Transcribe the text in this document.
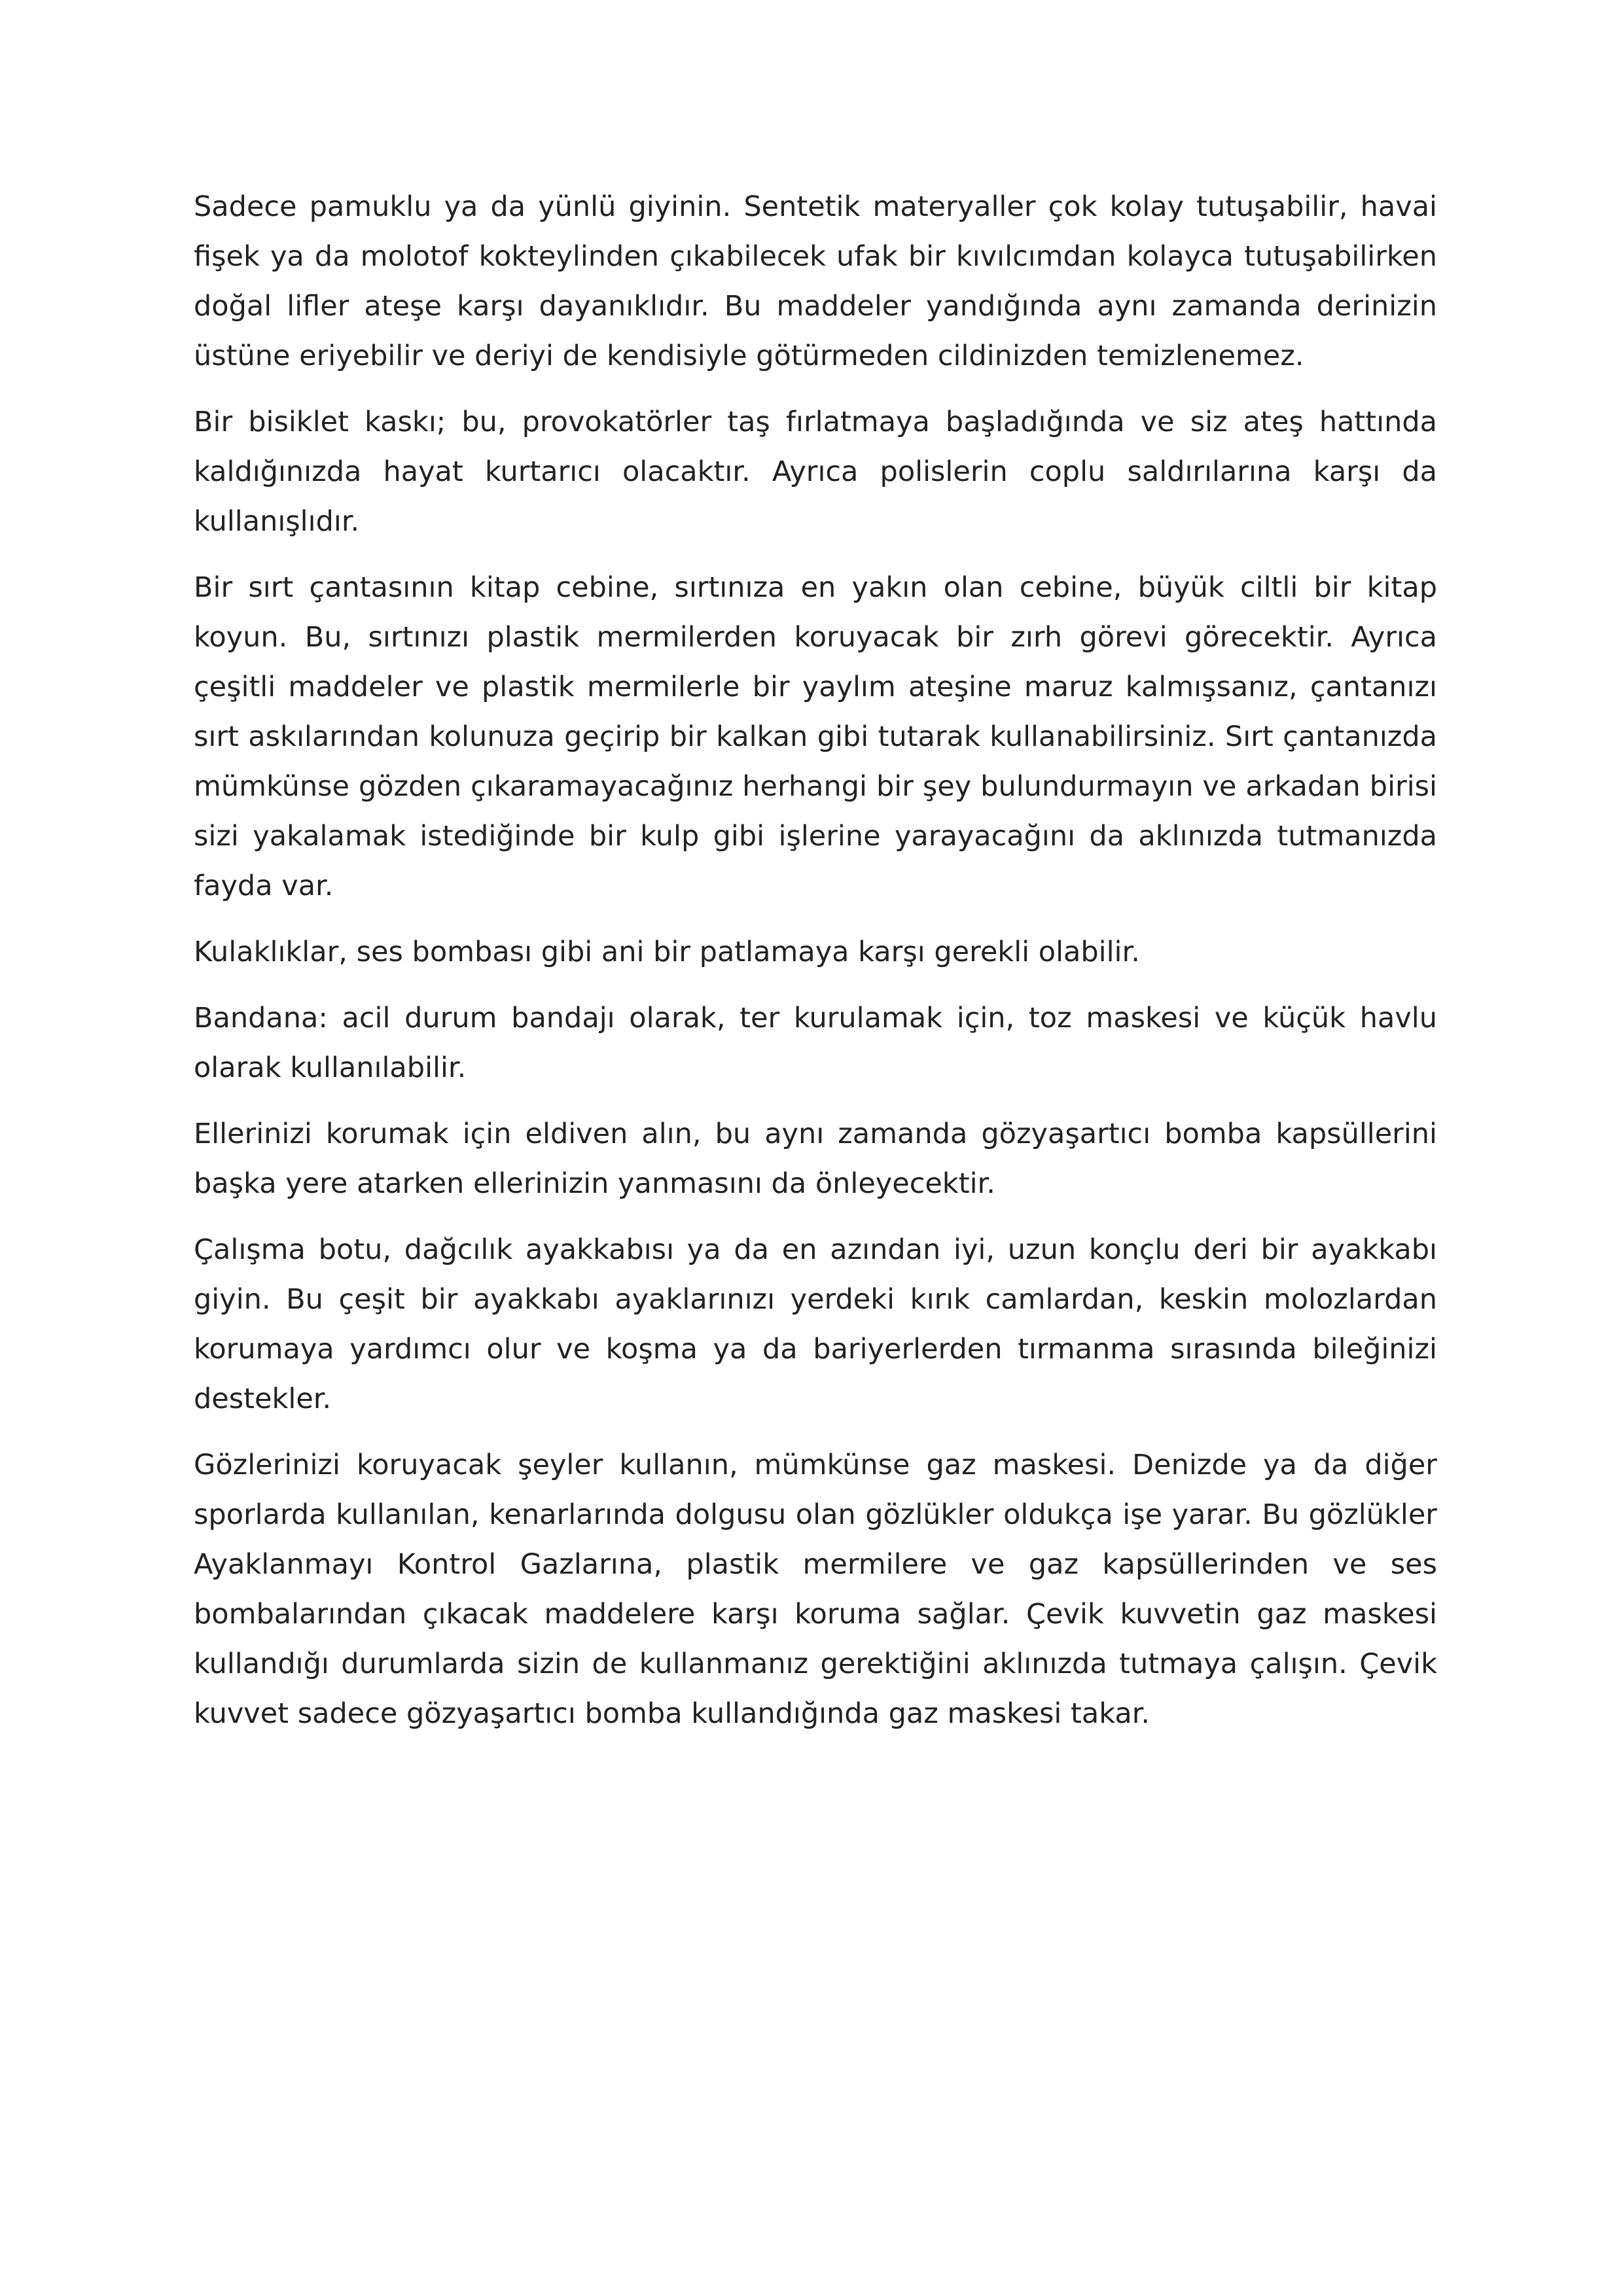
Sadece pamuklu ya da yünlü giyinin. Sentetik materyaller çok kolay tutuşabilir, havai fişek ya da molotof kokteylinden çıkabilecek ufak bir kıvılcımdan kolayca tutuşabilirken doğal lifler ateşe karşı dayanıklıdır. Bu maddeler yandığında aynı zamanda derinizin üstüne eriyebilir ve deriyi de kendisiyle götürmeden cildinizden temizlenemez.

Bir bisiklet kaskı; bu, provokatörler taş fırlatmaya başladığında ve siz ateş hattında kaldığınızda hayat kurtarıcı olacaktır. Ayrıca polislerin coplu saldırılarına karşı da kullanışlıdır.

Bir sırt çantasının kitap cebine, sırtınıza en yakın olan cebine, büyük ciltli bir kitap koyun. Bu, sırtınızı plastik mermilerden koruyacak bir zırh görevi görecektir. Ayrıca çeşitli maddeler ve plastik mermilerle bir yaylım ateşine maruz kalmışsanız, çantanızı sırt askılarından kolunuza geçirip bir kalkan gibi tutarak kullanabilirsiniz. Sırt çantanızda mümkünse gözden çıkaramayacağınız herhangi bir şey bulundurmayın ve arkadan birisi sizi yakalamak istediğinde bir kulp gibi işlerine yarayacağını da aklınızda tutmanızda fayda var.

Kulaklıklar, ses bombası gibi ani bir patlamaya karşı gerekli olabilir.

Bandana: acil durum bandajı olarak, ter kurulamak için, toz maskesi ve küçük havlu olarak kullanılabilir.

Ellerinizi korumak için eldiven alın, bu aynı zamanda gözyaşartıcı bomba kapsüllerini başka yere atarken ellerinizin yanmasını da önleyecektir.

Çalışma botu, dağcılık ayakkabısı ya da en azından iyi, uzun konçlu deri bir ayakkabı giyin. Bu çeşit bir ayakkabı ayaklarınızı yerdeki kırık camlardan, keskin molozlardan korumaya yardımcı olur ve koşma ya da bariyerlerden tırmanma sırasında bileğinizi destekler.

Gözlerinizi koruyacak şeyler kullanın, mümkünse gaz maskesi. Denizde ya da diğer sporlarda kullanılan, kenarlarında dolgusu olan gözlükler oldukça işe yarar. Bu gözlükler Ayaklanmayı Kontrol Gazlarına, plastik mermilere ve gaz kapsüllerinden ve ses bombalarından çıkacak maddelere karşı koruma sağlar. Çevik kuvvetin gaz maskesi kullandığı durumlarda sizin de kullanmanız gerektiğini aklınızda tutmaya çalışın. Çevik kuvvet sadece gözyaşartıcı bomba kullandığında gaz maskesi takar.
